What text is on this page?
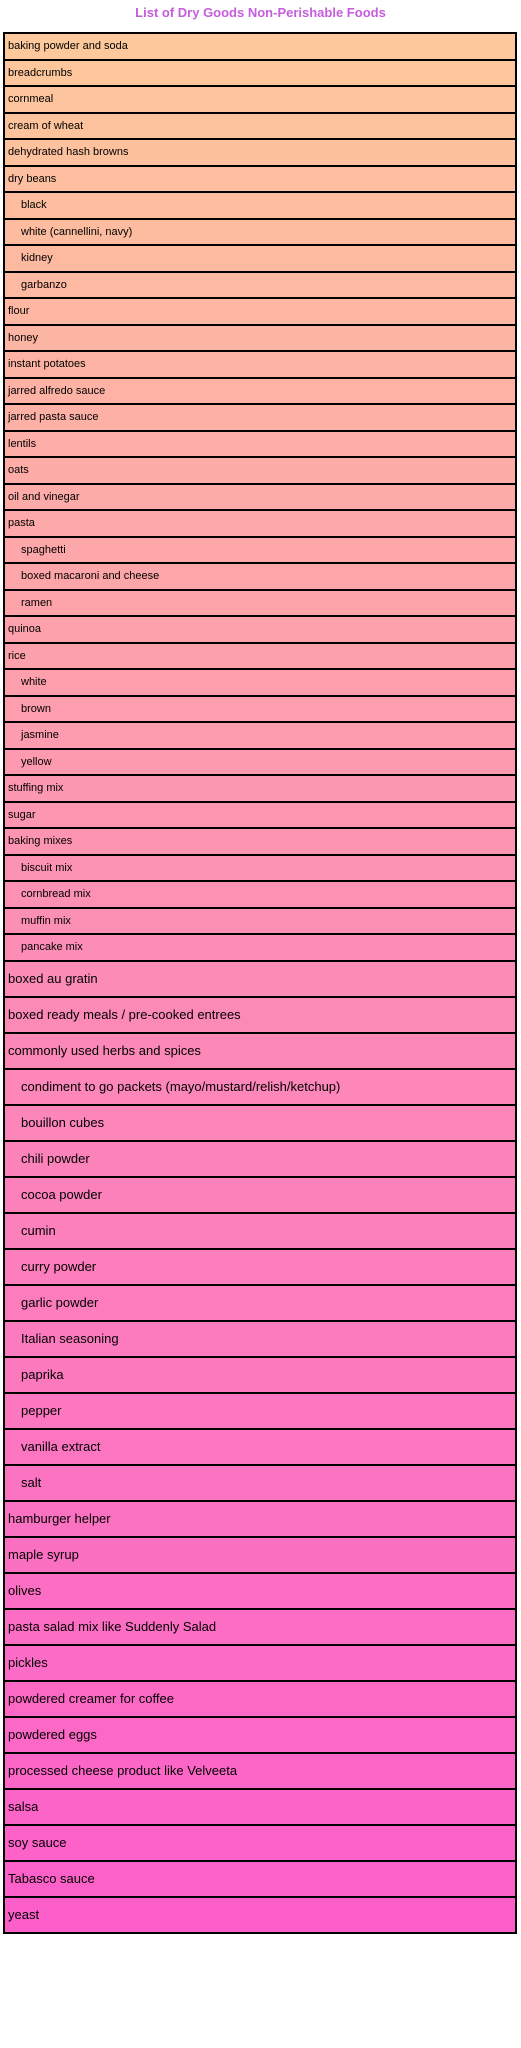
List of Dry Goods Non-Perishable Foods
baking powder and soda
breadcrumbs
cornmeal
cream of wheat
dehydrated hash browns
dry beans
black
white (cannellini, navy)
kidney
garbanzo
flour
honey
instant potatoes
jarred alfredo sauce
jarred pasta sauce
lentils
oats
oil and vinegar
pasta
spaghetti
boxed macaroni and cheese
ramen
quinoa
rice
white
brown
jasmine
yellow
stuffing mix
sugar
baking mixes
biscuit mix
cornbread mix
muffin mix
pancake mix
boxed au gratin
boxed ready meals / pre-cooked entrees
commonly used herbs and spices
condiment to go packets (mayo/mustard/relish/ketchup)
bouillon cubes
chili powder
cocoa powder
cumin
curry powder
garlic powder
Italian seasoning
paprika
pepper
vanilla extract
salt
hamburger helper
maple syrup
olives
pasta salad mix like Suddenly Salad
pickles
powdered creamer for coffee
powdered eggs
processed cheese product like Velveeta
salsa
soy sauce
Tabasco sauce
yeast
